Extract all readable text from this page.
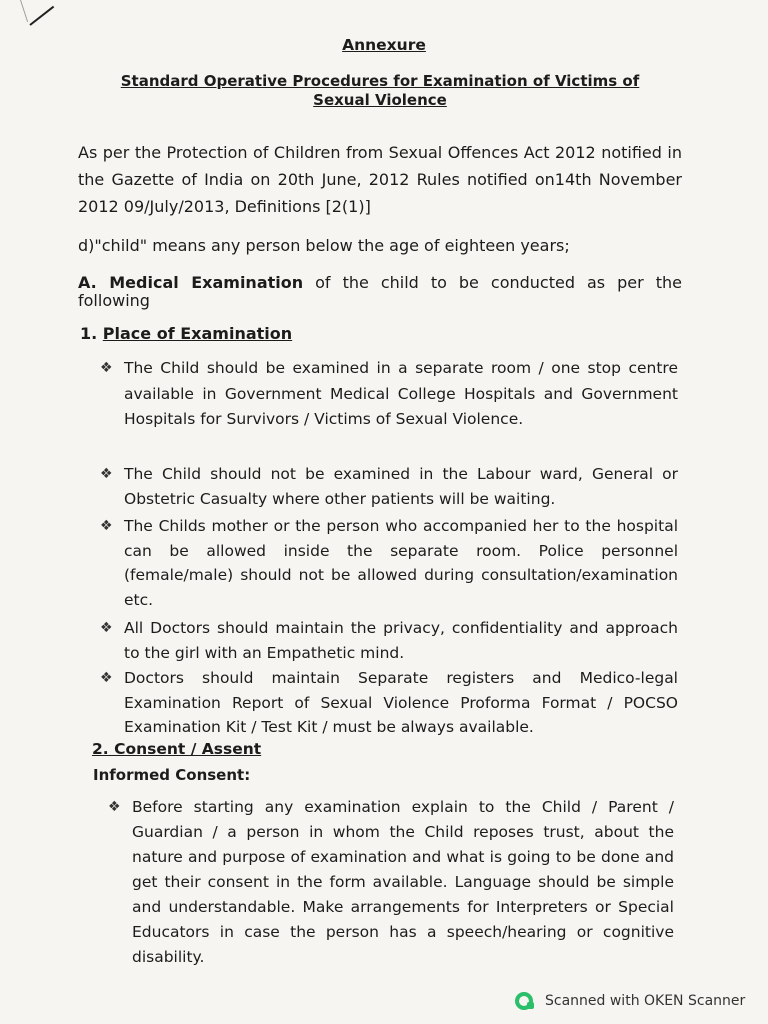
Annexure
Standard Operative Procedures for Examination of Victims of
Sexual Violence
As per the Protection of Children from Sexual Offences Act 2012 notified in the Gazette of India on 20th June, 2012 Rules notified on14th November 2012 09/July/2013, Definitions [2(1)]
d)"child" means any person below the age of eighteen years;
A. Medical Examination of the child to be conducted as per the following
1. Place of Examination
❖ The Child should be examined in a separate room / one stop centre available in Government Medical College Hospitals and Government Hospitals for Survivors / Victims of Sexual Violence.
❖ The Child should not be examined in the Labour ward, General or Obstetric Casualty where other patients will be waiting.
❖ The Childs mother or the person who accompanied her to the hospital can be allowed inside the separate room. Police personnel (female/male) should not be allowed during consultation/examination etc.
❖ All Doctors should maintain the privacy, confidentiality and approach to the girl with an Empathetic mind.
❖ Doctors should maintain Separate registers and Medico-legal Examination Report of Sexual Violence Proforma Format / POCSO Examination Kit / Test Kit / must be always available.
2. Consent / Assent
Informed Consent:
❖ Before starting any examination explain to the Child / Parent / Guardian / a person in whom the Child reposes trust, about the nature and purpose of examination and what is going to be done and get their consent in the form available. Language should be simple and understandable. Make arrangements for Interpreters or Special Educators in case the person has a speech/hearing or cognitive disability.
Scanned with OKEN Scanner
